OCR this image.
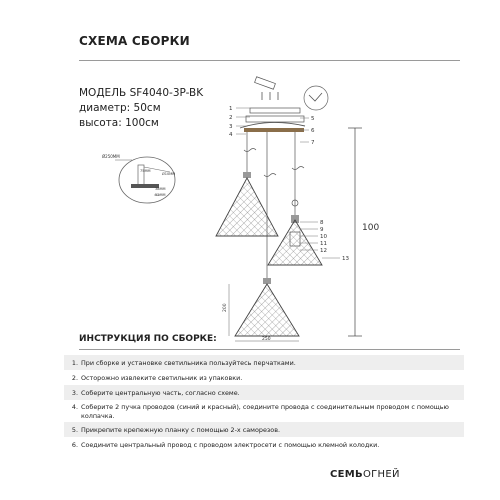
СХЕМА СБОРКИ
МОДЕЛЬ SF4040-3P-BK
диаметр: 50см
высота: 100см
Ø250MM
75MM
38MM
52MM
Ø10MM
250
200
100
1
2
3
4
5
6
7
8
9
10
11
12
13
ИНСТРУКЦИЯ ПО СБОРКЕ:
1. При сборке и установке светильника пользуйтесь перчатками.
2. Осторожно извлеките светильник из упаковки.
3. Соберите центральную часть, согласно схеме.
4. Соберите 2 пучка проводов (синий и красный), соедините провода с соединительным проводом с помощью колпачка.
5. Прикрепите крепежную планку с помощью 2-х саморезов.
6. Соедините центральный провод с проводом электросети с помощью клемной колодки.
СЕМЬОГНЕЙ
